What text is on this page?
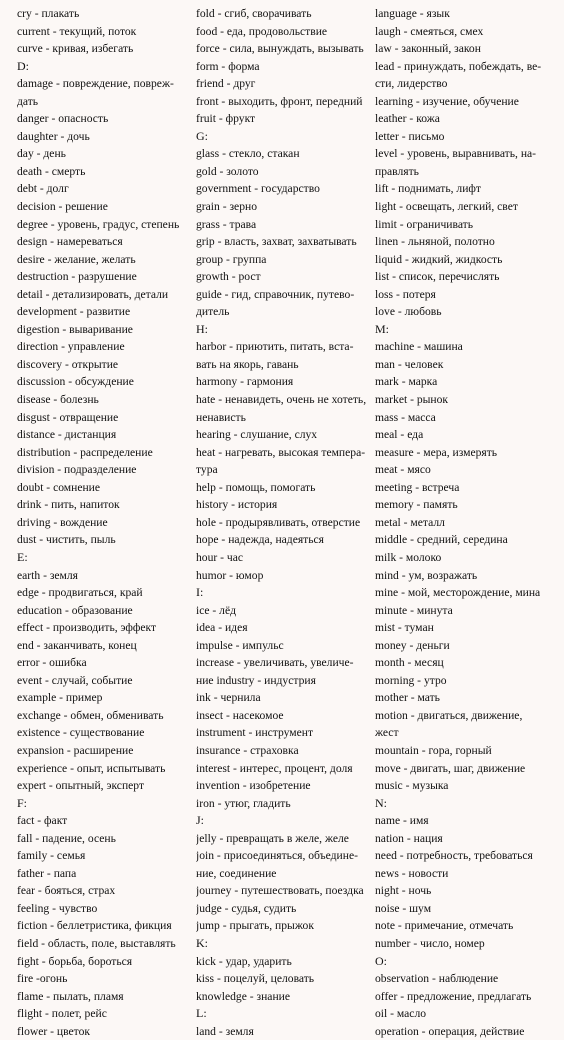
cry - плакать
current - текущий, поток
curve - кривая, избегать
D:
damage - повреждение, повреж-
дать
danger - опасность
daughter - дочь
day - день
death - смерть
debt - долг
decision - решение
degree - уровень, градус, степень
design - намереваться
desire - желание, желать
destruction - разрушение
detail - детализировать, детали
development - развитие
digestion - вываривание
direction - управление
discovery - открытие
discussion - обсуждение
disease - болезнь
disgust - отвращение
distance - дистанция
distribution - распределение
division - подразделение
doubt - сомнение
drink - пить, напиток
driving - вождение
dust - чистить, пыль
E:
earth - земля
edge - продвигаться, край
education - образование
effect - производить, эффект
end - заканчивать, конец
error - ошибка
event - случай, событие
example - пример
exchange - обмен, обменивать
existence - существование
expansion - расширение
experience - опыт, испытывать
expert - опытный, эксперт
F:
fact - факт
fall - падение, осень
family - семья
father - папа
fear - бояться, страх
feeling - чувство
fiction - беллетристика, фикция
field - область, поле, выставлять
fight - борьба, бороться
fire -огонь
flame - пылать, пламя
flight - полет, рейс
flower - цветок
fold - сгиб, сворачивать
food - еда, продовольствие
force - сила, вынуждать, вызывать
form - форма
friend - друг
front - выходить, фронт, передний
fruit - фрукт
G:
glass - стекло, стакан
gold - золото
government - государство
grain - зерно
grass - трава
grip - власть, захват, захватывать
group - группа
growth - рост
guide - гид, справочник, путево-
дитель
H:
harbor - приютить, питать, вста-
вать на якорь, гавань
harmony - гармония
hate - ненавидеть, очень не хотеть,
ненависть
hearing - слушание, слух
heat - нагревать, высокая темпера-
тура
help - помощь, помогать
history - история
hole - продырявливать, отверстие
hope - надежда, надеяться
hour - час
humor - юмор
I:
ice - лёд
idea - идея
impulse - импульс
increase - увеличивать, увеличе-
ние industry - индустрия
ink - чернила
insect - насекомое
instrument - инструмент
insurance - страховка
interest - интерес, процент, доля
invention - изобретение
iron - утюг, гладить
J:
jelly - превращать в желе, желе
join - присоединяться, объедине-
ние, соединение
journey - путешествовать, поездка
judge - судья, судить
jump - прыгать, прыжок
K:
kick - удар, ударить
kiss - поцелуй, целовать
knowledge - знание
L:
land - земля
language - язык
laugh - смеяться, смех
law - законный, закон
lead - принуждать, побеждать, ве-
сти, лидерство
learning - изучение, обучение
leather - кожа
letter - письмо
level - уровень, выравнивать, на-
правлять
lift - поднимать, лифт
light - освещать, легкий, свет
limit - ограничивать
linen - льняной, полотно
liquid - жидкий, жидкость
list - список, перечислять
loss - потеря
love - любовь
M:
machine - машина
man - человек
mark - марка
market - рынок
mass - масса
meal - еда
measure - мера, измерять
meat - мясо
meeting - встреча
memory - память
metal - металл
middle - средний, середина
milk - молоко
mind - ум, возражать
mine - мой, месторождение, мина
minute - минута
mist - туман
money - деньги
month - месяц
morning - утро
mother - мать
motion - двигаться, движение,
жест
mountain - гора, горный
move - двигать, шаг, движение
music - музыка
N:
name - имя
nation - нация
need - потребность, требоваться
news - новости
night - ночь
noise - шум
note - примечание, отмечать
number - число, номер
O:
observation - наблюдение
offer - предложение, предлагать
oil - масло
operation - операция, действие
